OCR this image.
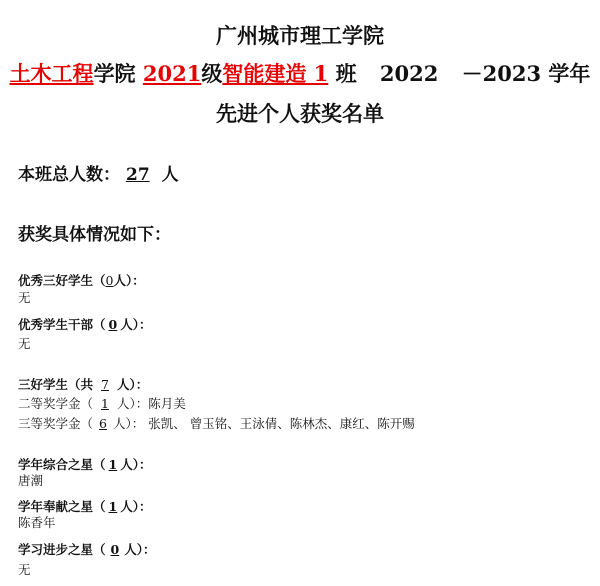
广州城市理工学院
土木工程学院 2021级智能建造 1 班 2022 －2023 学年
先进个人获奖名单
本班总人数： 27 人
获奖具体情况如下：
优秀三好学生（0人）：
无
优秀学生干部（ 0 人）：
无
三好学生（共 7 人）：
二等奖学金（ 1 人）：陈月美
三等奖学金（ 6 人）： 张凯、 曾玉铭、王泳倩、陈林杰、康红、陈开赐
学年综合之星（ 1 人）：
唐潮
学年奉献之星（ 1 人）：
陈香年
学习进步之星（ 0 人）：
无
